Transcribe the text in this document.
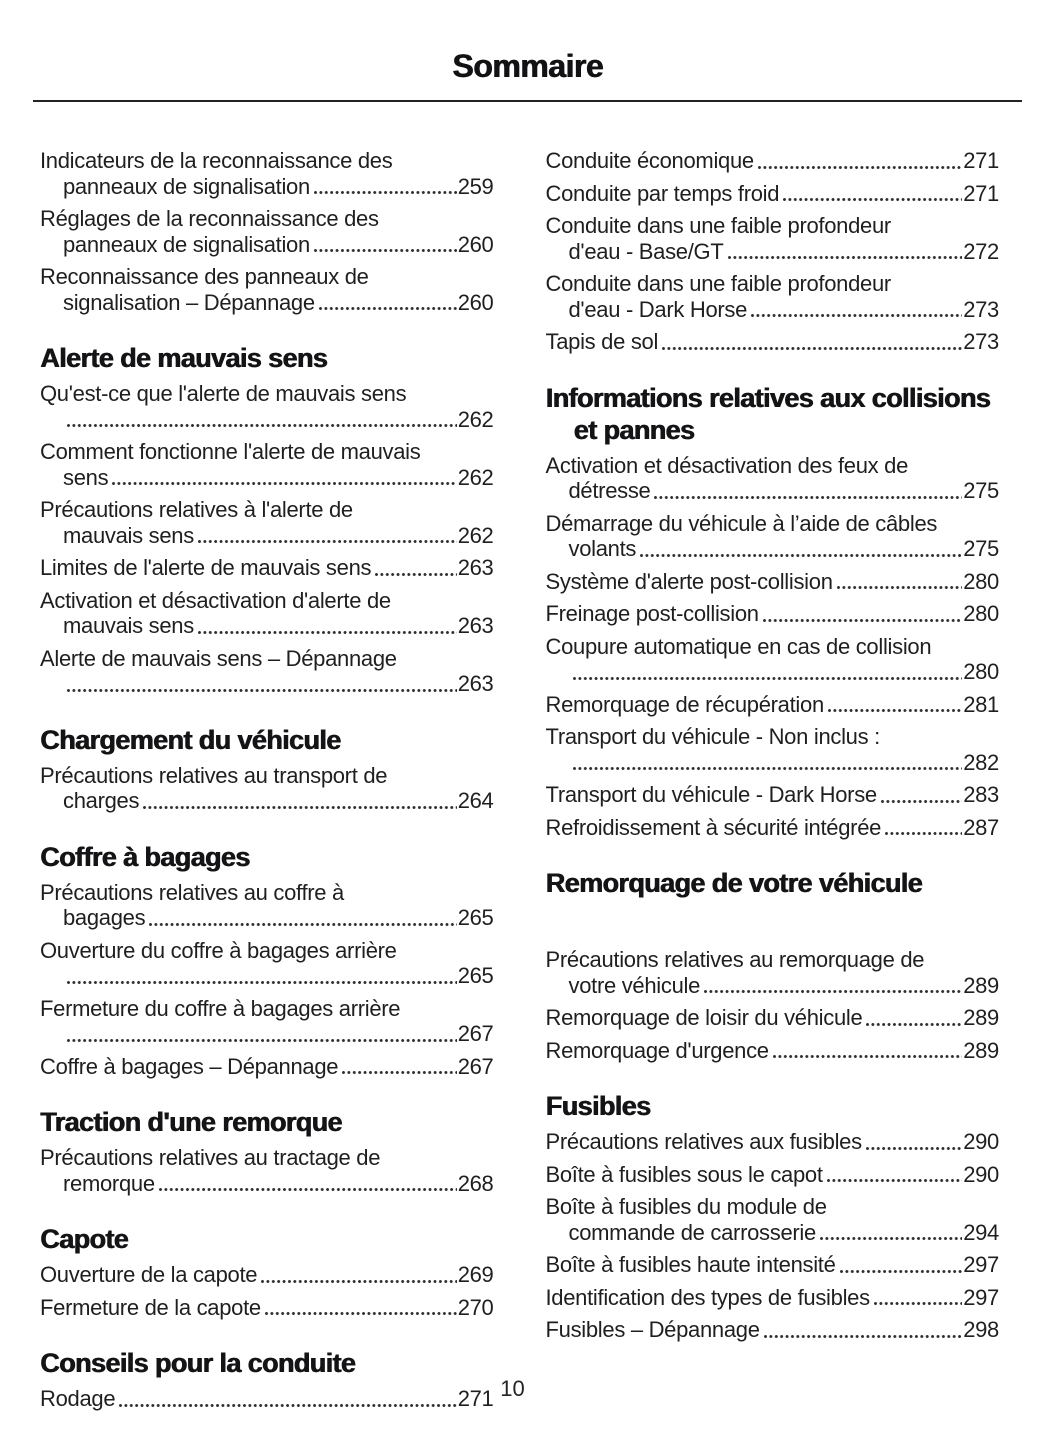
Sommaire
Indicateurs de la reconnaissance des
panneaux de signalisation	259
Réglages de la reconnaissance des
panneaux de signalisation	260
Reconnaissance des panneaux de
signalisation – Dépannage	260
Alerte de mauvais sens
Qu'est-ce que l'alerte de mauvais sens
262
Comment fonctionne l'alerte de mauvais
sens	262
Précautions relatives à l'alerte de
mauvais sens	262
Limites de l'alerte de mauvais sens	263
Activation et désactivation d'alerte de
mauvais sens	263
Alerte de mauvais sens – Dépannage
263
Chargement du véhicule
Précautions relatives au transport de
charges	264
Coffre à bagages
Précautions relatives au coffre à
bagages	265
Ouverture du coffre à bagages arrière
265
Fermeture du coffre à bagages arrière
267
Coffre à bagages – Dépannage	267
Traction d'une remorque
Précautions relatives au tractage de
remorque	268
Capote
Ouverture de la capote	269
Fermeture de la capote	270
Conseils pour la conduite
Rodage	271
Conduite économique	271
Conduite par temps froid	271
Conduite dans une faible profondeur
d'eau - Base/GT	272
Conduite dans une faible profondeur
d'eau - Dark Horse	273
Tapis de sol	273
Informations relatives aux collisions et pannes
Activation et désactivation des feux de
détresse	275
Démarrage du véhicule à l’aide de câbles
volants	275
Système d'alerte post-collision	280
Freinage post-collision	280
Coupure automatique en cas de collision
280
Remorquage de récupération	281
Transport du véhicule - Non inclus :
282
Transport du véhicule - Dark Horse	283
Refroidissement à sécurité intégrée	287
Remorquage de votre véhicule
Précautions relatives au remorquage de
votre véhicule	289
Remorquage de loisir du véhicule	289
Remorquage d'urgence	289
Fusibles
Précautions relatives aux fusibles	290
Boîte à fusibles sous le capot	290
Boîte à fusibles du module de
commande de carrosserie	294
Boîte à fusibles haute intensité	297
Identification des types de fusibles	297
Fusibles – Dépannage	298
10
